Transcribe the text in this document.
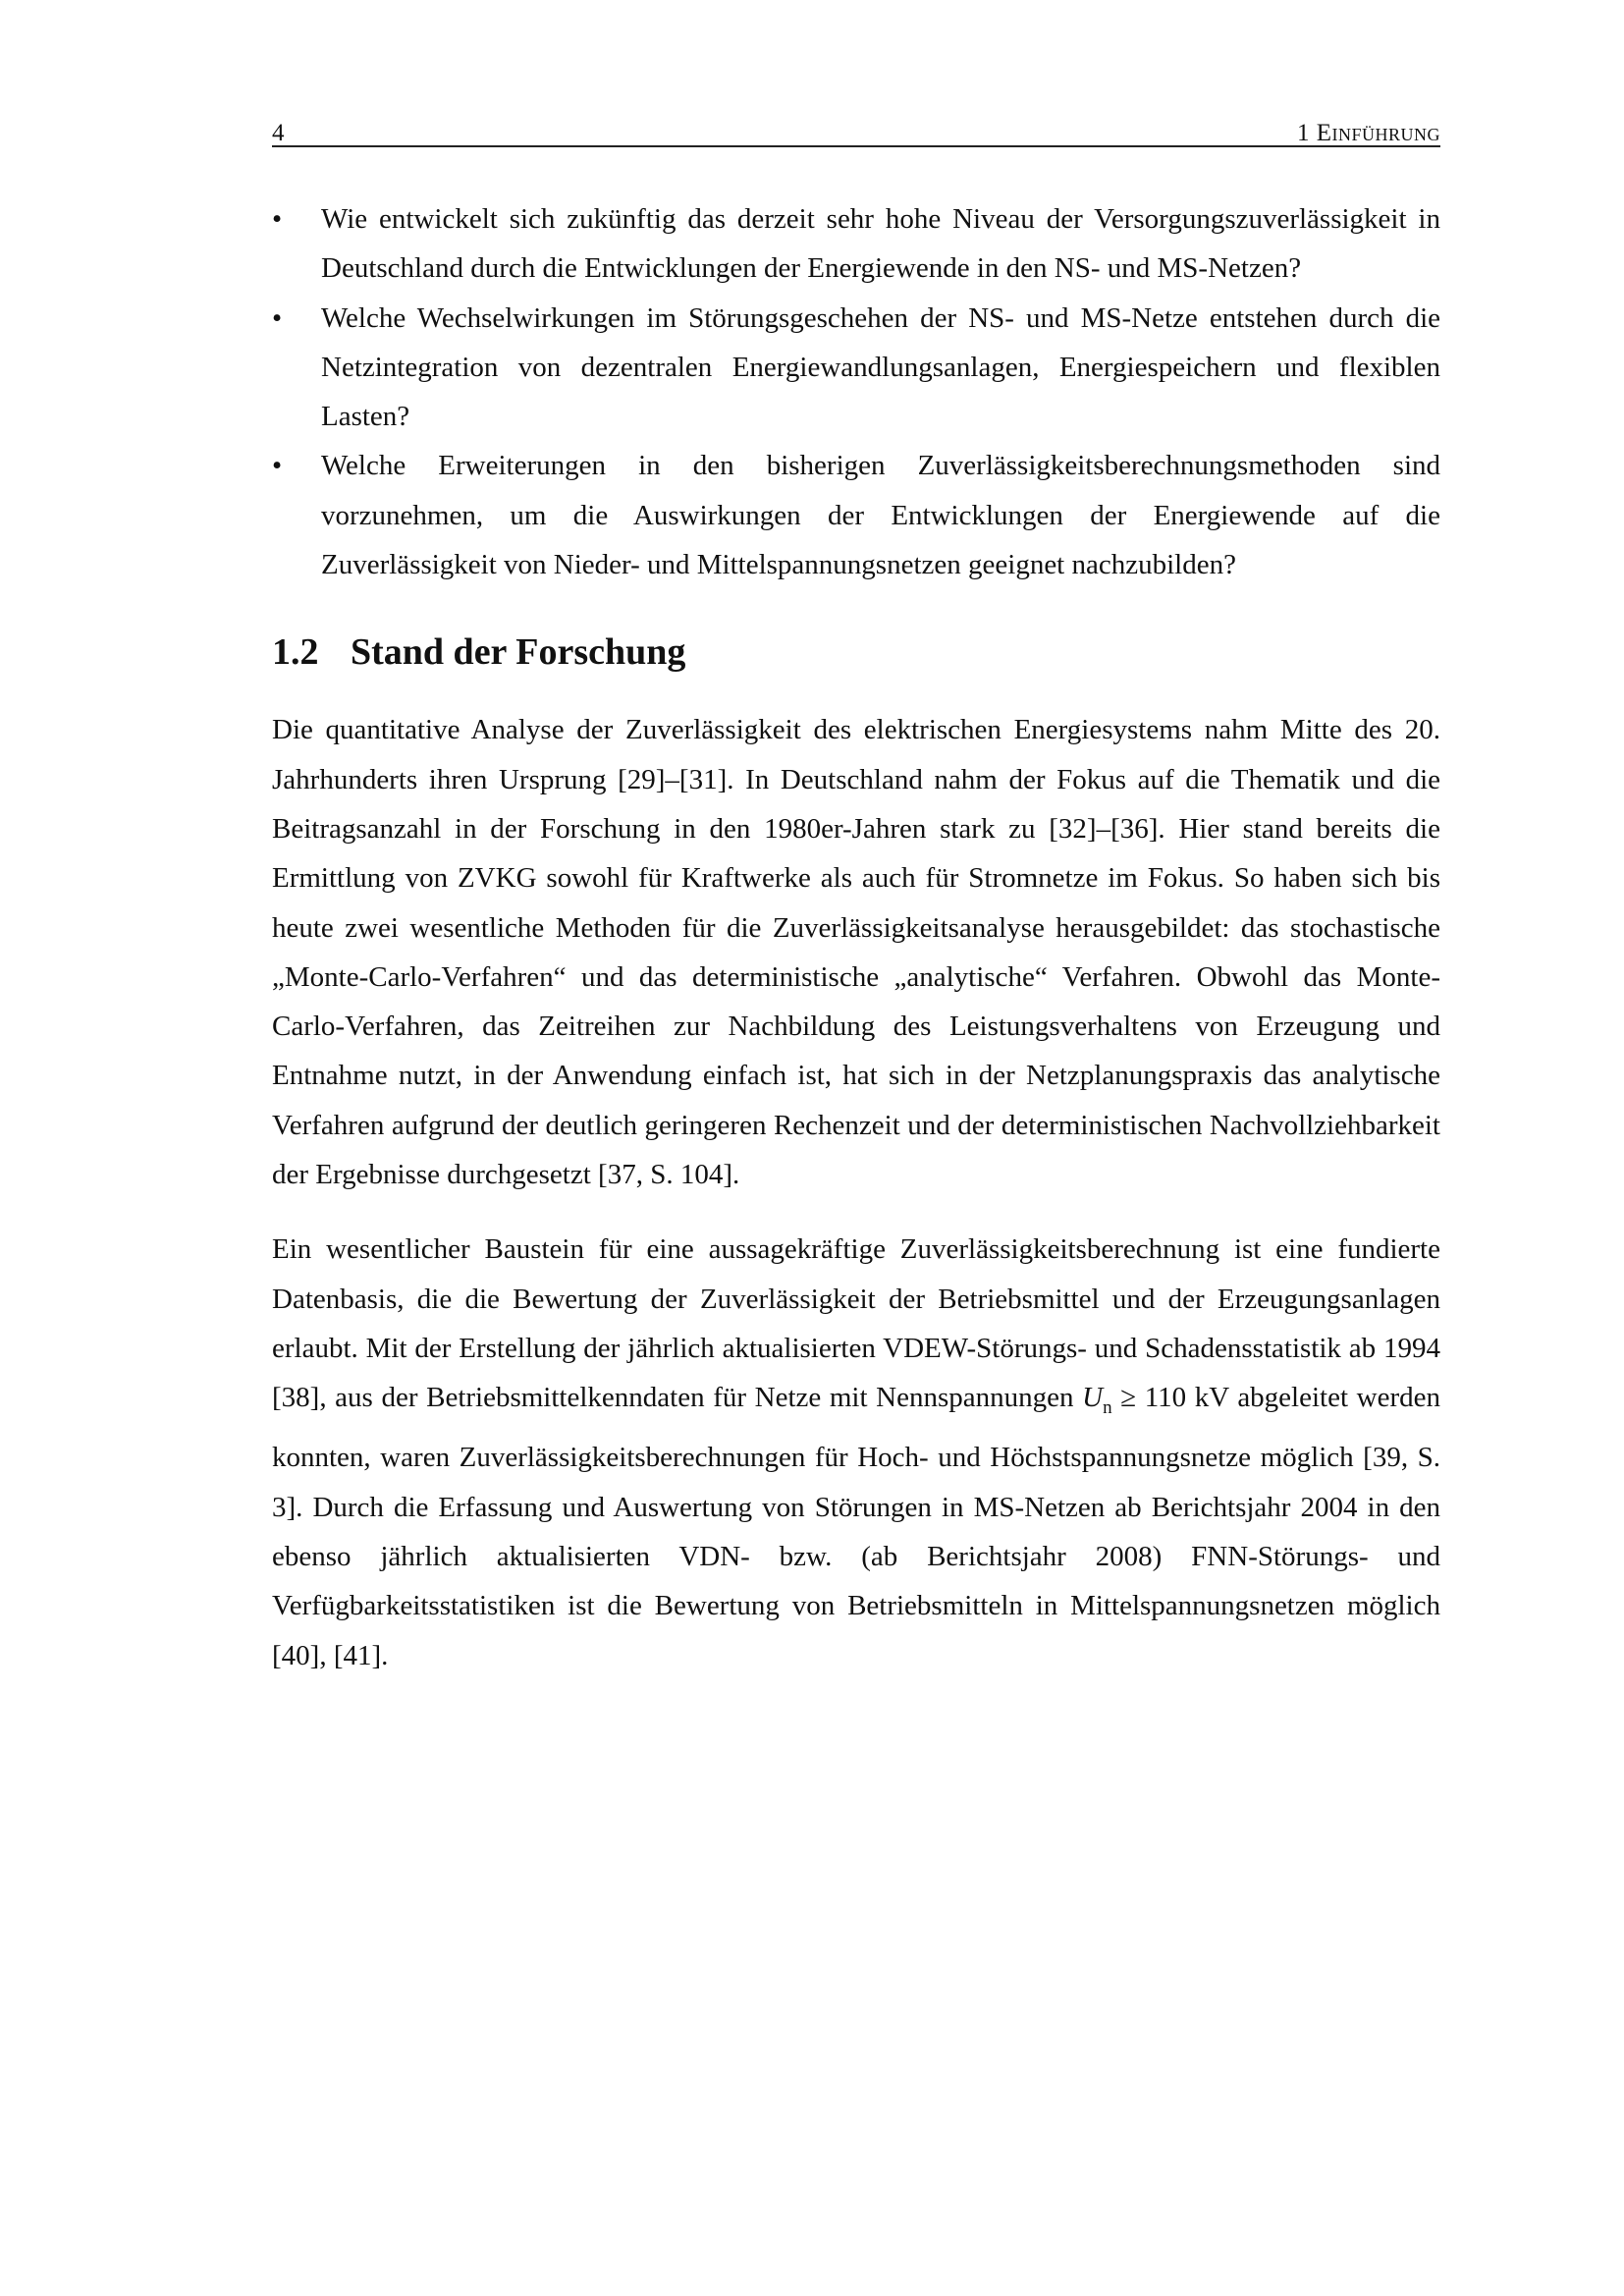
4	1 Einführung
•	Wie entwickelt sich zukünftig das derzeit sehr hohe Niveau der Versorgungszuverlässigkeit in Deutschland durch die Entwicklungen der Energiewende in den NS- und MS-Netzen?
•	Welche Wechselwirkungen im Störungsgeschehen der NS- und MS-Netze entstehen durch die Netzintegration von dezentralen Energiewandlungsanlagen, Energiespeichern und flexiblen Lasten?
•	Welche Erweiterungen in den bisherigen Zuverlässigkeitsberechnungsmethoden sind vorzunehmen, um die Auswirkungen der Entwicklungen der Energiewende auf die Zuverlässigkeit von Nieder- und Mittelspannungsnetzen geeignet nachzubilden?
1.2 Stand der Forschung

Die quantitative Analyse der Zuverlässigkeit des elektrischen Energiesystems nahm Mitte des 20. Jahrhunderts ihren Ursprung [29]–[31]. In Deutschland nahm der Fokus auf die Thematik und die Beitragsanzahl in der Forschung in den 1980er-Jahren stark zu [32]–[36]. Hier stand bereits die Ermittlung von ZVKG sowohl für Kraftwerke als auch für Stromnetze im Fokus. So haben sich bis heute zwei wesentliche Methoden für die Zuverlässigkeitsanalyse herausgebildet: das stochastische „Monte-Carlo-Verfahren“ und das deterministische „analytische“ Verfahren. Obwohl das Monte-Carlo-Verfahren, das Zeitreihen zur Nachbildung des Leistungsverhaltens von Erzeugung und Entnahme nutzt, in der Anwendung einfach ist, hat sich in der Netzplanungspraxis das analytische Verfahren aufgrund der deutlich geringeren Rechenzeit und der deterministischen Nachvollziehbarkeit der Ergebnisse durchgesetzt [37, S. 104].

Ein wesentlicher Baustein für eine aussagekräftige Zuverlässigkeitsberechnung ist eine fundierte Datenbasis, die die Bewertung der Zuverlässigkeit der Betriebsmittel und der Erzeugungsanlagen erlaubt. Mit der Erstellung der jährlich aktualisierten VDEW-Störungs- und Schadensstatistik ab 1994 [38], aus der Betriebsmittelkenndaten für Netze mit Nennspannungen $U_n \ge 110$ kV abgeleitet werden konnten, waren Zuverlässigkeitsberechnungen für Hoch- und Höchstspannungsnetze möglich [39, S. 3]. Durch die Erfassung und Auswertung von Störungen in MS-Netzen ab Berichtsjahr 2004 in den ebenso jährlich aktualisierten VDN- bzw. (ab Berichtsjahr 2008) FNN-Störungs- und Verfügbarkeitsstatistiken ist die Bewertung von Betriebsmitteln in Mittelspannungsnetzen möglich [40], [41].
